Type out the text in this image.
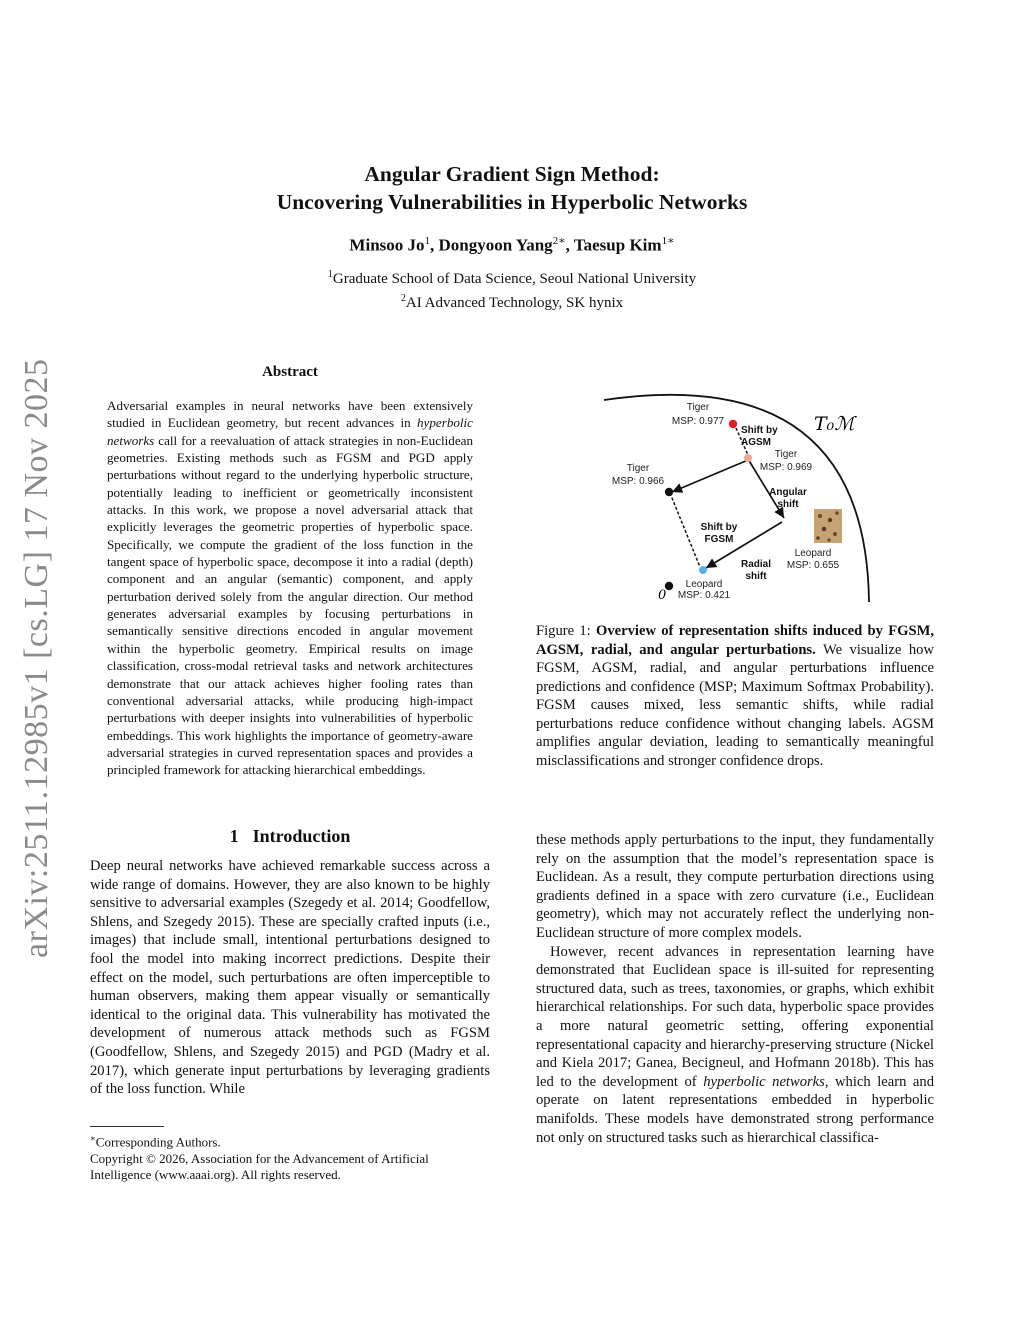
arXiv:2511.12985v1 [cs.LG] 17 Nov 2025
Angular Gradient Sign Method:
Uncovering Vulnerabilities in Hyperbolic Networks
Minsoo Jo$^1$, Dongyoon Yang$^{2∗}$, Taesup Kim$^{1∗}$
$^1$Graduate School of Data Science, Seoul National University
$^2$AI Advanced Technology, SK hynix
Abstract
Adversarial examples in neural networks have been extensively studied in Euclidean geometry, but recent advances in hyperbolic networks call for a reevaluation of attack strategies in non-Euclidean geometries. Existing methods such as FGSM and PGD apply perturbations without regard to the underlying hyperbolic structure, potentially leading to inefficient or geometrically inconsistent attacks. In this work, we propose a novel adversarial attack that explicitly leverages the geometric properties of hyperbolic space. Specifically, we compute the gradient of the loss function in the tangent space of hyperbolic space, decompose it into a radial (depth) component and an angular (semantic) component, and apply perturbation derived solely from the angular direction. Our method generates adversarial examples by focusing perturbations in semantically sensitive directions encoded in angular movement within the hyperbolic geometry. Empirical results on image classification, cross-modal retrieval tasks and network architectures demonstrate that our attack achieves higher fooling rates than conventional adversarial attacks, while producing high-impact perturbations with deeper insights into vulnerabilities of hyperbolic embeddings. This work highlights the importance of geometry-aware adversarial strategies in curved representation spaces and provides a principled framework for attacking hierarchical embeddings.
T₀ℳ
Tiger
MSP: 0.977
Tiger
MSP: 0.969
Tiger
MSP: 0.966
Leopard
MSP: 0.655
Leopard
MSP: 0.421
0
Shift by
AGSM
Angular
shift
Shift by
FGSM
Radial
shift
Figure 1: Overview of representation shifts induced by FGSM, AGSM, radial, and angular perturbations. We visualize how FGSM, AGSM, radial, and angular perturbations influence predictions and confidence (MSP; Maximum Softmax Probability). FGSM causes mixed, less semantic shifts, while radial perturbations reduce confidence without changing labels. AGSM amplifies angular deviation, leading to semantically meaningful misclassifications and stronger confidence drops.
1 Introduction

Deep neural networks have achieved remarkable success across a wide range of domains. However, they are also known to be highly sensitive to adversarial examples (Szegedy et al. 2014; Goodfellow, Shlens, and Szegedy 2015). These are specially crafted inputs (i.e., images) that include small, intentional perturbations designed to fool the model into making incorrect predictions. Despite their effect on the model, such perturbations are often imperceptible to human observers, making them appear visually or semantically identical to the original data. This vulnerability has motivated the development of numerous attack methods such as FGSM (Goodfellow, Shlens, and Szegedy 2015) and PGD (Madry et al. 2017), which generate input perturbations by leveraging gradients of the loss function. While

these methods apply perturbations to the input, they fundamentally rely on the assumption that the model’s representation space is Euclidean. As a result, they compute perturbation directions using gradients defined in a space with zero curvature (i.e., Euclidean geometry), which may not accurately reflect the underlying non-Euclidean structure of more complex models.

However, recent advances in representation learning have demonstrated that Euclidean space is ill-suited for representing structured data, such as trees, taxonomies, or graphs, which exhibit hierarchical relationships. For such data, hyperbolic space provides a more natural geometric setting, offering exponential representational capacity and hierarchy-preserving structure (Nickel and Kiela 2017; Ganea, Becigneul, and Hofmann 2018b). This has led to the development of hyperbolic networks, which learn and operate on latent representations embedded in hyperbolic manifolds. These models have demonstrated strong performance not only on structured tasks such as hierarchical classifica-

∗Corresponding Authors.
Copyright © 2026, Association for the Advancement of Artificial Intelligence (www.aaai.org). All rights reserved.
